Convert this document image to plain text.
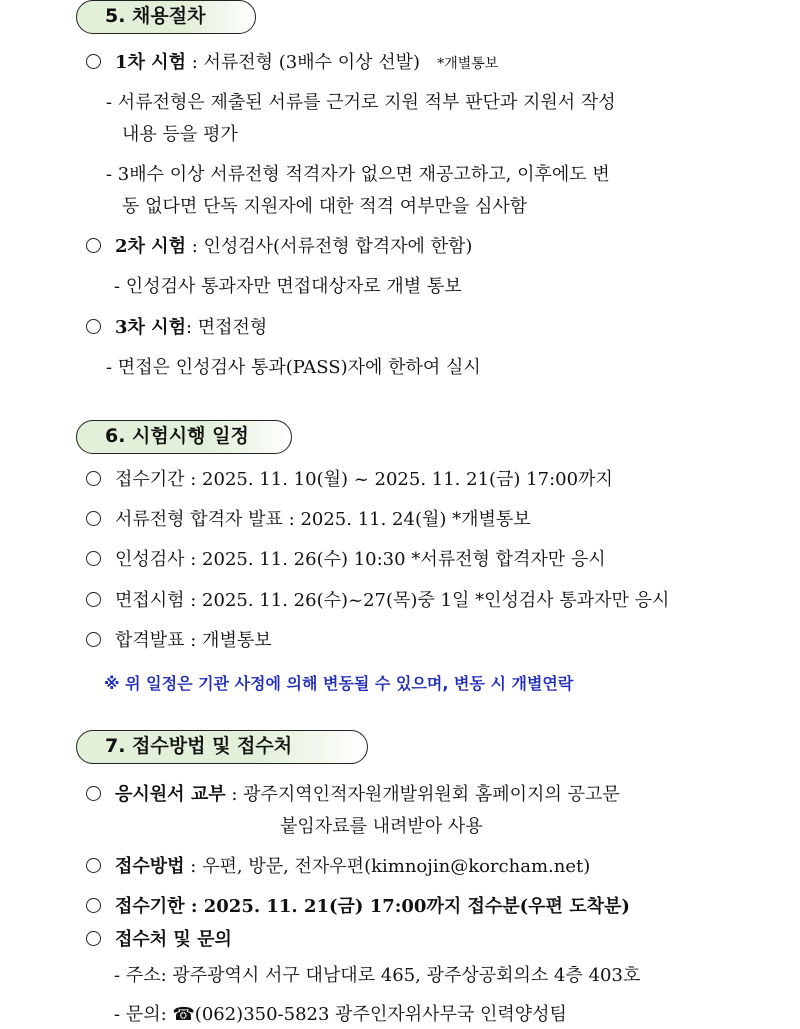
5. 채용절차
1차 시험 : 서류전형 (3배수 이상 선발) *개별통보
- 서류전형은 제출된 서류를 근거로 지원 적부 판단과 지원서 작성
내용 등을 평가
- 3배수 이상 서류전형 적격자가 없으면 재공고하고, 이후에도 변
동 없다면 단독 지원자에 대한 적격 여부만을 심사함
2차 시험 : 인성검사(서류전형 합격자에 한함)
- 인성검사 통과자만 면접대상자로 개별 통보
3차 시험: 면접전형
- 면접은 인성검사 통과(PASS)자에 한하여 실시
6. 시험시행 일정
접수기간 : 2025. 11. 10(월) ~ 2025. 11. 21(금) 17:00까지
서류전형 합격자 발표 : 2025. 11. 24(월) *개별통보
인성검사 : 2025. 11. 26(수) 10:30 *서류전형 합격자만 응시
면접시험 : 2025. 11. 26(수)~27(목)중 1일 *인성검사 통과자만 응시
합격발표 : 개별통보
※ 위 일정은 기관 사정에 의해 변동될 수 있으며, 변동 시 개별연락
7. 접수방법 및 접수처
응시원서 교부 : 광주지역인적자원개발위원회 홈페이지의 공고문
붙임자료를 내려받아 사용
접수방법 : 우편, 방문, 전자우편(kimnojin@korcham.net)
접수기한 : 2025. 11. 21(금) 17:00까지 접수분(우편 도착분)
접수처 및 문의
- 주소: 광주광역시 서구 대남대로 465, 광주상공회의소 4층 403호
- 문의: ☎(062)350-5823 광주인자위사무국 인력양성팀
